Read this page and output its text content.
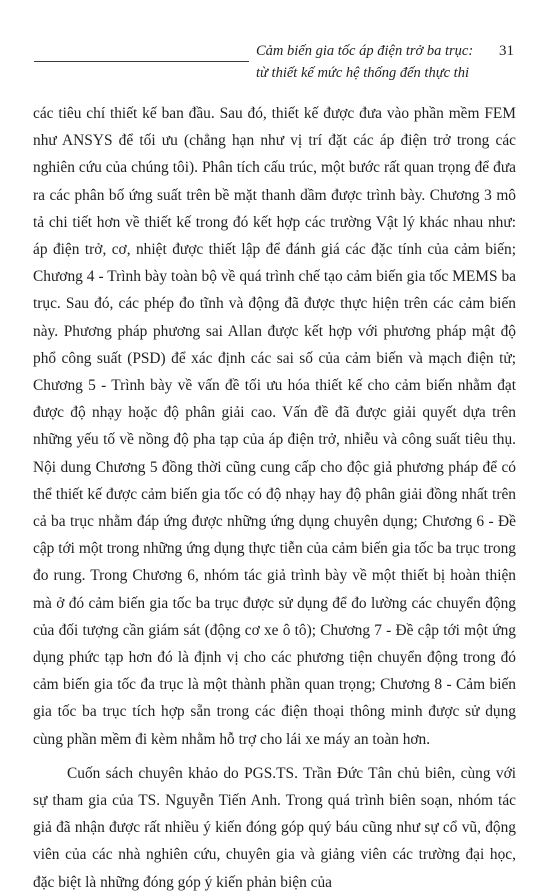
Cảm biến gia tốc áp điện trở ba trục:
từ thiết kế mức hệ thống đến thực thi
31

các tiêu chí thiết kế ban đầu. Sau đó, thiết kế được đưa vào phần mềm FEM như ANSYS để tối ưu (chẳng hạn như vị trí đặt các áp điện trở trong các nghiên cứu của chúng tôi). Phân tích cấu trúc, một bước rất quan trọng để đưa ra các phân bố ứng suất trên bề mặt thanh dầm được trình bày. Chương 3 mô tả chi tiết hơn về thiết kế trong đó kết hợp các trường Vật lý khác nhau như: áp điện trở, cơ, nhiệt được thiết lập để đánh giá các đặc tính của cảm biến; Chương 4 - Trình bày toàn bộ về quá trình chế tạo cảm biến gia tốc MEMS ba trục. Sau đó, các phép đo tĩnh và động đã được thực hiện trên các cảm biến này. Phương pháp phương sai Allan được kết hợp với phương pháp mật độ phổ công suất (PSD) để xác định các sai số của cảm biến và mạch điện tử; Chương 5 - Trình bày về vấn đề tối ưu hóa thiết kế cho cảm biến nhằm đạt được độ nhạy hoặc độ phân giải cao. Vấn đề đã được giải quyết dựa trên những yếu tố về nồng độ pha tạp của áp điện trở, nhiễu và công suất tiêu thụ. Nội dung Chương 5 đồng thời cũng cung cấp cho độc giả phương pháp để có thể thiết kế được cảm biến gia tốc có độ nhạy hay độ phân giải đồng nhất trên cả ba trục nhằm đáp ứng được những ứng dụng chuyên dụng; Chương 6 - Đề cập tới một trong những ứng dụng thực tiễn của cảm biến gia tốc ba trục trong đo rung. Trong Chương 6, nhóm tác giả trình bày về một thiết bị hoàn thiện mà ở đó cảm biến gia tốc ba trục được sử dụng để đo lường các chuyển động của đối tượng cần giám sát (động cơ xe ô tô); Chương 7 - Đề cập tới một ứng dụng phức tạp hơn đó là định vị cho các phương tiện chuyển động trong đó cảm biến gia tốc đa trục là một thành phần quan trọng; Chương 8 - Cảm biến gia tốc ba trục tích hợp sẵn trong các điện thoại thông minh được sử dụng cùng phần mềm đi kèm nhằm hỗ trợ cho lái xe máy an toàn hơn.

Cuốn sách chuyên khảo do PGS.TS. Trần Đức Tân chủ biên, cùng với sự tham gia của TS. Nguyễn Tiến Anh. Trong quá trình biên soạn, nhóm tác giả đã nhận được rất nhiều ý kiến đóng góp quý báu cũng như sự cổ vũ, động viên của các nhà nghiên cứu, chuyên gia và giảng viên các trường đại học, đặc biệt là những đóng góp ý kiến phản biện của
